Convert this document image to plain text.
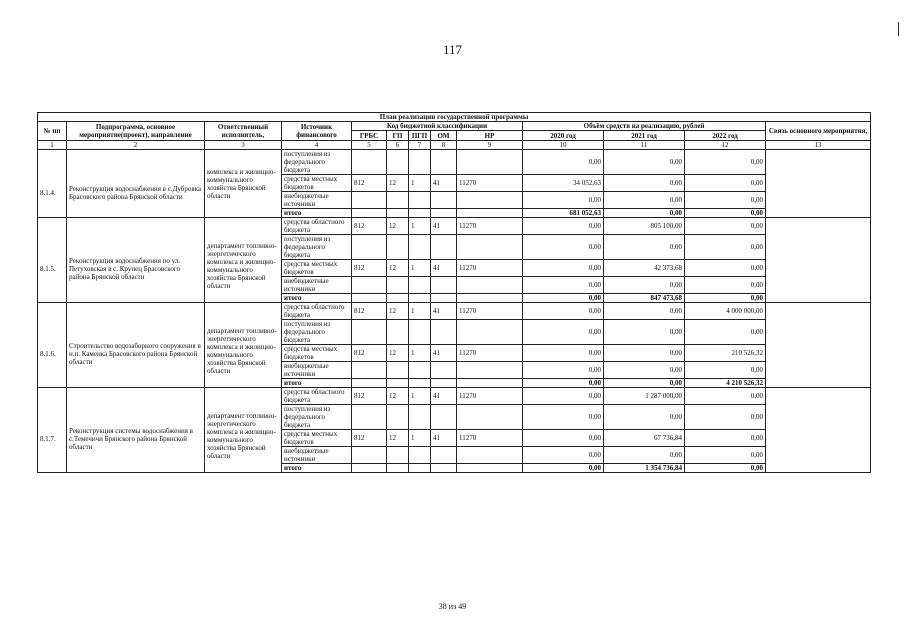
117
План реализации государственной программы												
№ пп	Подпрограмма, основное мероприятие(проект), направление	Ответственный исполнитель,	Источник финансового	Код бюджетной классификации					Объём средств на реализацию, рублей			Связь основного мероприятия,
				ГРБС	ГП	ПГП	ОМ	НР	2020 год	2021 год	2022 год	
1	2	3	4	5	6	7	8	9	10	11	12	13
8.1.4.	Реконструкция водоснабжения в с.Дубровка Брасовского района Брянской области	комплекса и жилищно-коммунального хозяйства Брянской области	поступления из федерального бюджета						0,00	0,00	0,00	
			средства местных бюджетов	812	12	1	41	11270	34 052,63	0,00	0,00	
			внебюджетные источники						0,00	0,00	0,00	
			итого						681 052,63	0,00	0,00	
8.1.5.	Реконструкция водоснабжения по ул. Петуховская в с. Крупец Брасовского района Брянской области	департамент топливно-энергетического комплекса и жилищно-коммунального хозяйства Брянской области	средства областного бюджета	812	12	1	41	11270	0,00	805 100,00	0,00	
			поступления из федерального бюджета						0,00	0,00	0,00	
			средства местных бюджетов	812	12	1	41	11270	0,00	42 373,68	0,00	
			внебюджетные источники						0,00	0,00	0,00	
			итого						0,00	847 473,68	0,00	
8.1.6.	Строительство водозаборного сооружения в н.п. Каменка Брасовского района Брянской области	департамент топливно-энергетического комплекса и жилищно-коммунального хозяйства Брянской области	средства областного бюджета	812	12	1	41	11270	0,00	0,00	4 000 000,00	
			поступления из федерального бюджета						0,00	0,00	0,00	
			средства местных бюджетов	812	12	1	41	11270	0,00	0,00	210 526,32	
			внебюджетные источники						0,00	0,00	0,00	
			итого						0,00	0,00	4 210 526,32	
8.1.7.	Реконструкция системы водоснабжения в с.Темечичи Брянского района Брянской области	департамент топливно-энергетического комплекса и жилищно-коммунального хозяйства Брянской области	средства областного бюджета	812	12	1	41	11270	0,00	1 287 000,00	0,00	
			поступления из федерального бюджета						0,00	0,00	0,00	
			средства местных бюджетов	812	12	1	41	11270	0,00	67 736,84	0,00	
			внебюджетные источники						0,00	0,00	0,00	
			итого						0,00	1 354 736,84	0,00	
38 из 49
